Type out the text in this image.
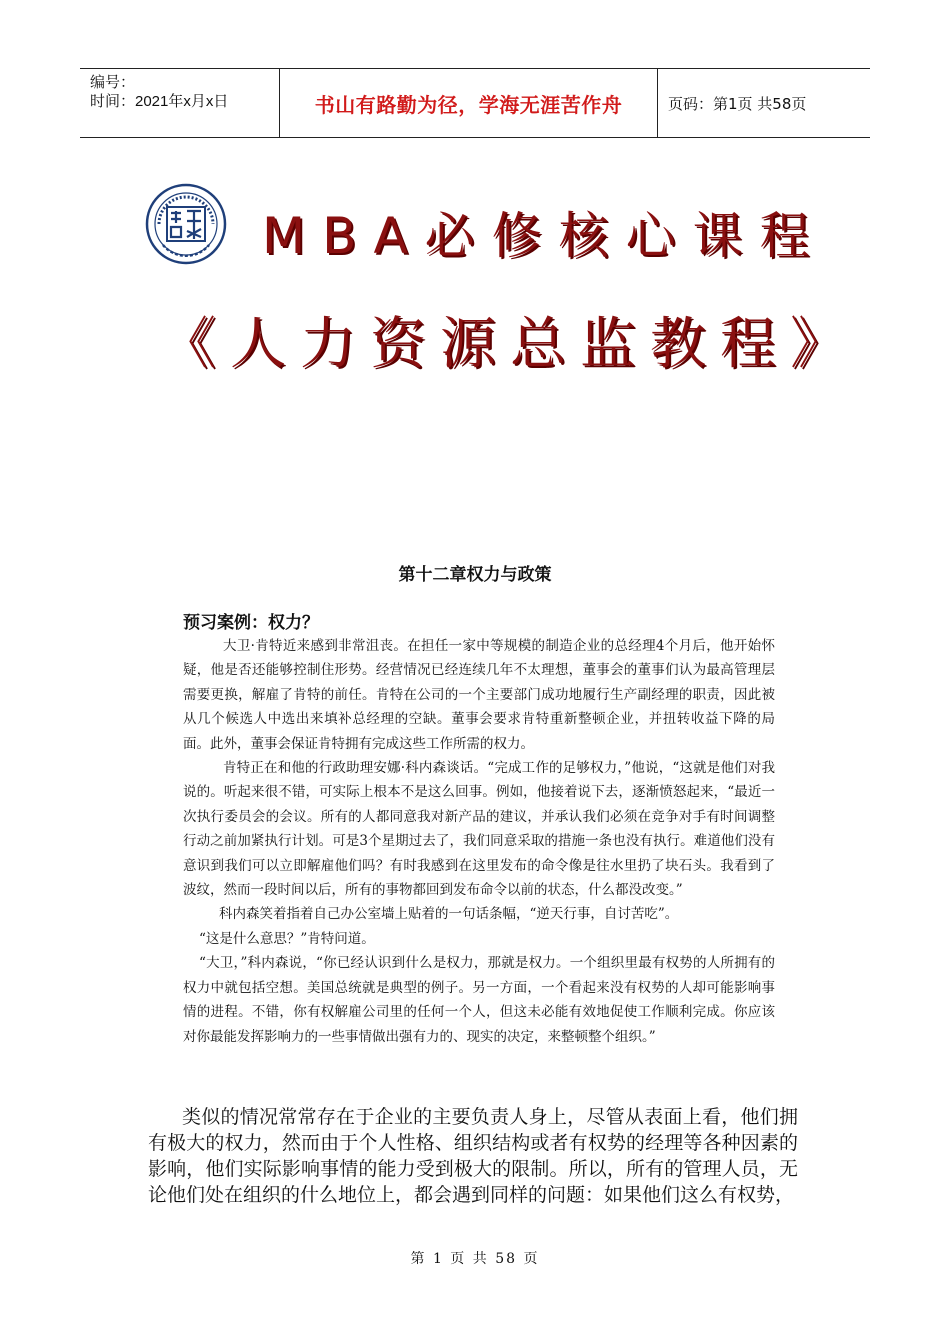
编号：
时间：2021年x月x日	书山有路勤为径，学海无涯苦作舟	页码：第1页 共58页
MBA必修核心课程
《人力资源总监教程》
第十二章权力与政策
预习案例：权力？

大卫·肯特近来感到非常沮丧。在担任一家中等规模的制造企业的总经理4个月后，他开始怀疑，他是否还能够控制住形势。经营情况已经连续几年不太理想，董事会的董事们认为最高管理层需要更换，解雇了肯特的前任。肯特在公司的一个主要部门成功地履行生产副经理的职责，因此被从几个候选人中选出来填补总经理的空缺。董事会要求肯特重新整顿企业，并扭转收益下降的局面。此外，董事会保证肯特拥有完成这些工作所需的权力。

肯特正在和他的行政助理安娜·科内森谈话。“完成工作的足够权力，”他说，“这就是他们对我说的。听起来很不错，可实际上根本不是这么回事。例如，他接着说下去，逐渐愤怒起来，“最近一次执行委员会的会议。所有的人都同意我对新产品的建议，并承认我们必须在竞争对手有时间调整行动之前加紧执行计划。可是3个星期过去了，我们同意采取的措施一条也没有执行。难道他们没有意识到我们可以立即解雇他们吗？有时我感到在这里发布的命令像是往水里扔了块石头。我看到了波纹，然而一段时间以后，所有的事物都回到发布命令以前的状态，什么都没改变。”

科内森笑着指着自己办公室墙上贴着的一句话条幅，“逆天行事，自讨苦吃”。

“这是什么意思？”肯特问道。

“大卫，”科内森说，“你已经认识到什么是权力，那就是权力。一个组织里最有权势的人所拥有的权力中就包括空想。美国总统就是典型的例子。另一方面，一个看起来没有权势的人却可能影响事情的进程。不错，你有权解雇公司里的任何一个人，但这未必能有效地促使工作顺利完成。你应该对你最能发挥影响力的一些事情做出强有力的、现实的决定，来整顿整个组织。”

类似的情况常常存在于企业的主要负责人身上，尽管从表面上看，他们拥有极大的权力，然而由于个人性格、组织结构或者有权势的经理等各种因素的影响，他们实际影响事情的能力受到极大的限制。所以，所有的管理人员，无论他们处在组织的什么地位上，都会遇到同样的问题：如果他们这么有权势，

第 1 页 共 58 页
